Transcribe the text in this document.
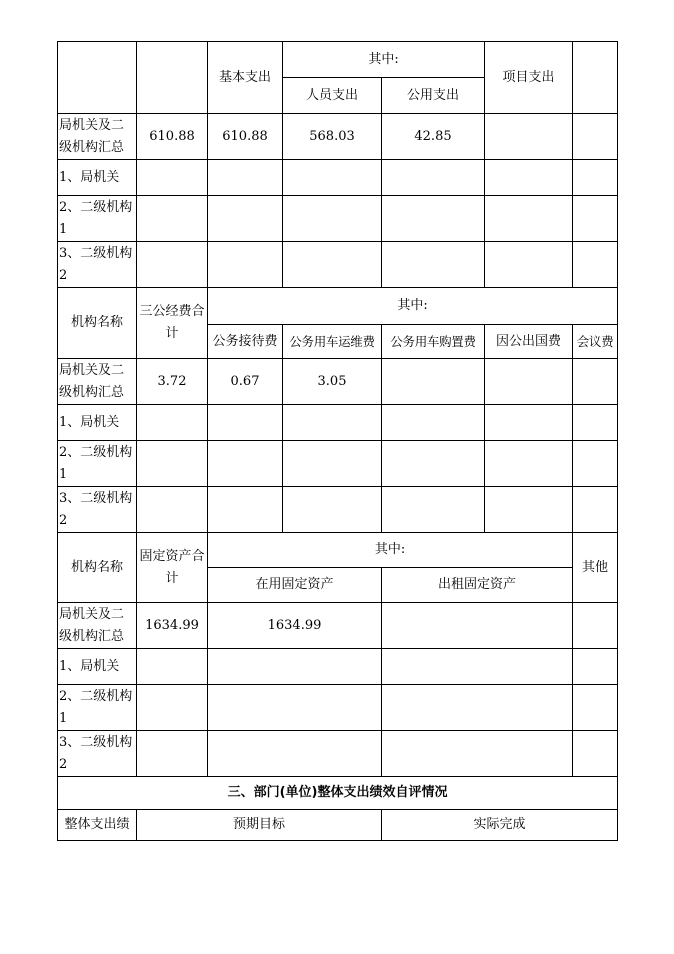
		基本支出	其中:		项目支出	
			人员支出	公用支出		
局机关及二级机构汇总	610.88	610.88	568.03	42.85		
1、局机关						
2、二级机构1						
3、二级机构2						
机构名称	三公经费合计	其中:				
		公务接待费	公务用车运维费	公务用车购置费	因公出国费	会议费
局机关及二级机构汇总	3.72	0.67	3.05			
1、局机关						
2、二级机构1						
3、二级机构2						
机构名称	固定资产合计	其中:				其他
		在用固定资产		出租固定资产		
局机关及二级机构汇总	1634.99	1634.99				
1、局机关						
2、二级机构1						
3、二级机构2						
三、部门(单位)整体支出绩效自评情况						
整体支出绩	预期目标			实际完成		
